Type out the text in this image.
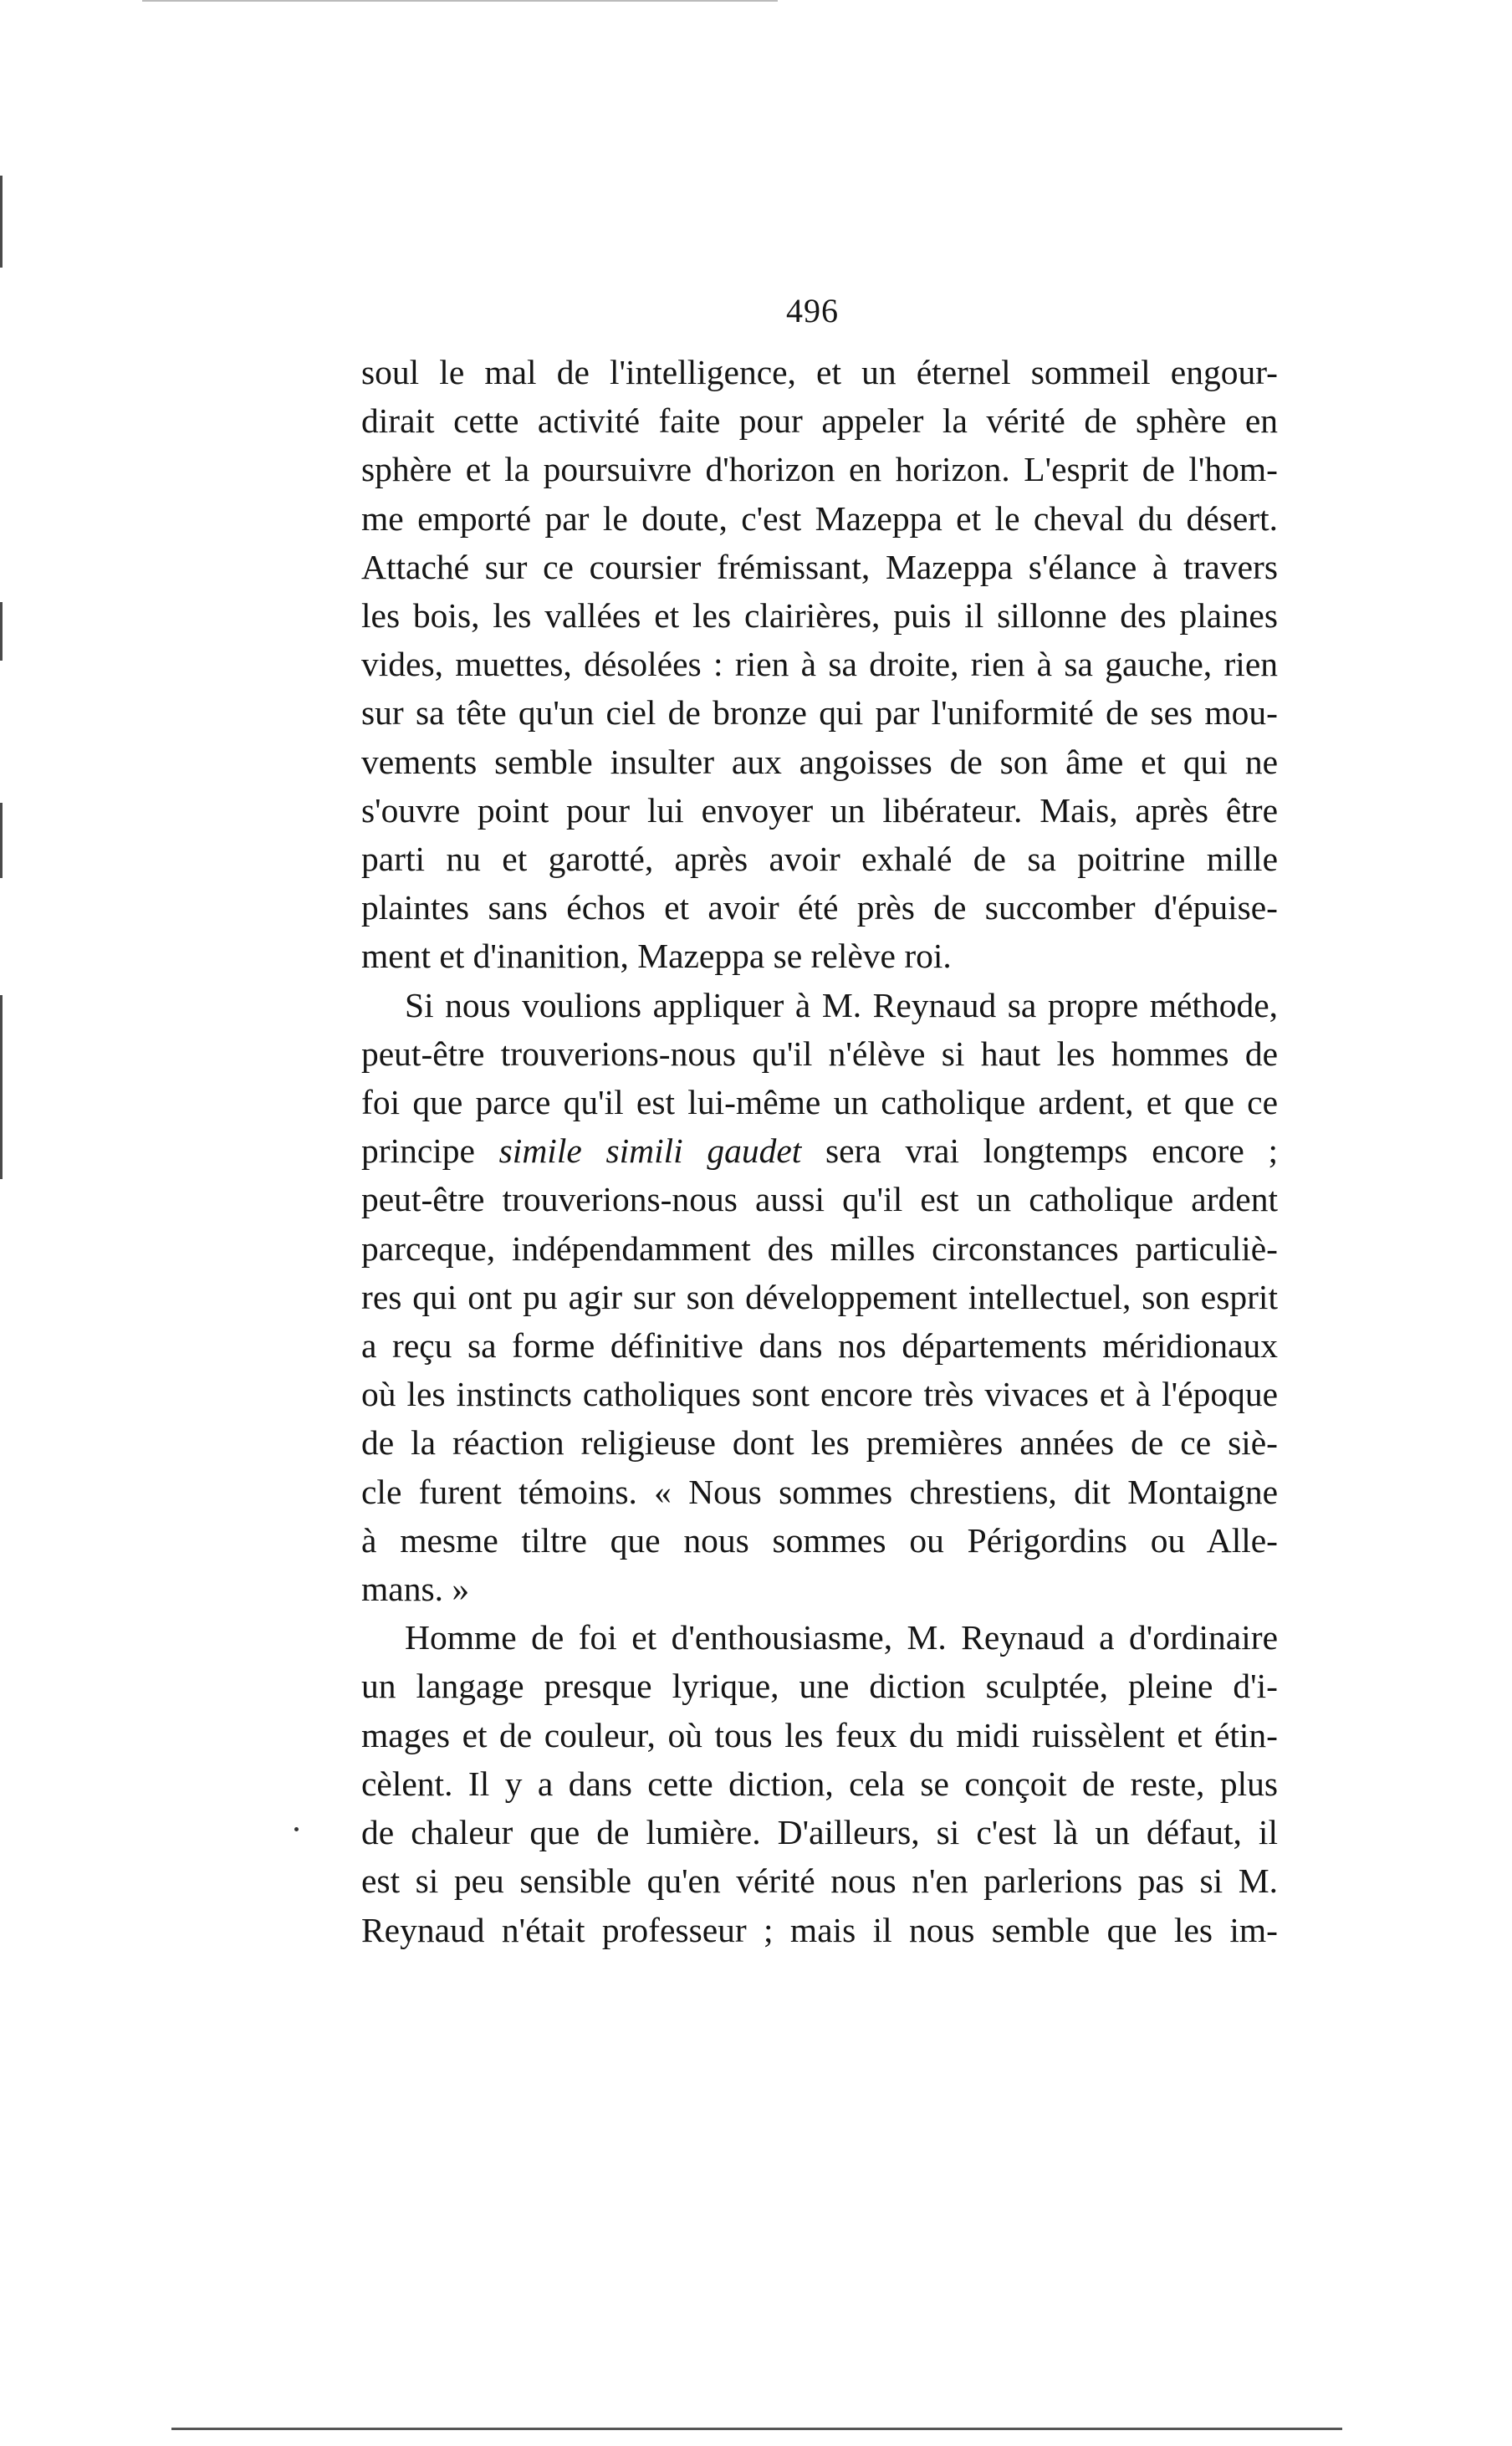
496

soul le mal de l'intelligence, et un éternel sommeil engour-

dirait cette activité faite pour appeler la vérité de sphère en

sphère et la poursuivre d'horizon en horizon. L'esprit de l'hom-

me emporté par le doute, c'est Mazeppa et le cheval du désert.

Attaché sur ce coursier frémissant, Mazeppa s'élance à travers

les bois, les vallées et les clairières, puis il sillonne des plaines

vides, muettes, désolées : rien à sa droite, rien à sa gauche, rien

sur sa tête qu'un ciel de bronze qui par l'uniformité de ses mou-

vements semble insulter aux angoisses de son âme et qui ne

s'ouvre point pour lui envoyer un libérateur. Mais, après être

parti nu et garotté, après avoir exhalé de sa poitrine mille

plaintes sans échos et avoir été près de succomber d'épuise-

ment et d'inanition, Mazeppa se relève roi.

Si nous voulions appliquer à M. Reynaud sa propre méthode,

peut-être trouverions-nous qu'il n'élève si haut les hommes de

foi que parce qu'il est lui-même un catholique ardent, et que ce

principe simile simili gaudet sera vrai longtemps encore ;

peut-être trouverions-nous aussi qu'il est un catholique ardent

parceque, indépendamment des milles circonstances particuliè-

res qui ont pu agir sur son développement intellectuel, son esprit

a reçu sa forme définitive dans nos départements méridionaux

où les instincts catholiques sont encore très vivaces et à l'époque

de la réaction religieuse dont les premières années de ce siè-

cle furent témoins. « Nous sommes chrestiens, dit Montaigne

à mesme tiltre que nous sommes ou Périgordins ou Alle-

mans. »

Homme de foi et d'enthousiasme, M. Reynaud a d'ordinaire

un langage presque lyrique, une diction sculptée, pleine d'i-

mages et de couleur, où tous les feux du midi ruissèlent et étin-

cèlent. Il y a dans cette diction, cela se conçoit de reste, plus

de chaleur que de lumière. D'ailleurs, si c'est là un défaut, il

est si peu sensible qu'en vérité nous n'en parlerions pas si M.

Reynaud n'était professeur ; mais il nous semble que les im-
